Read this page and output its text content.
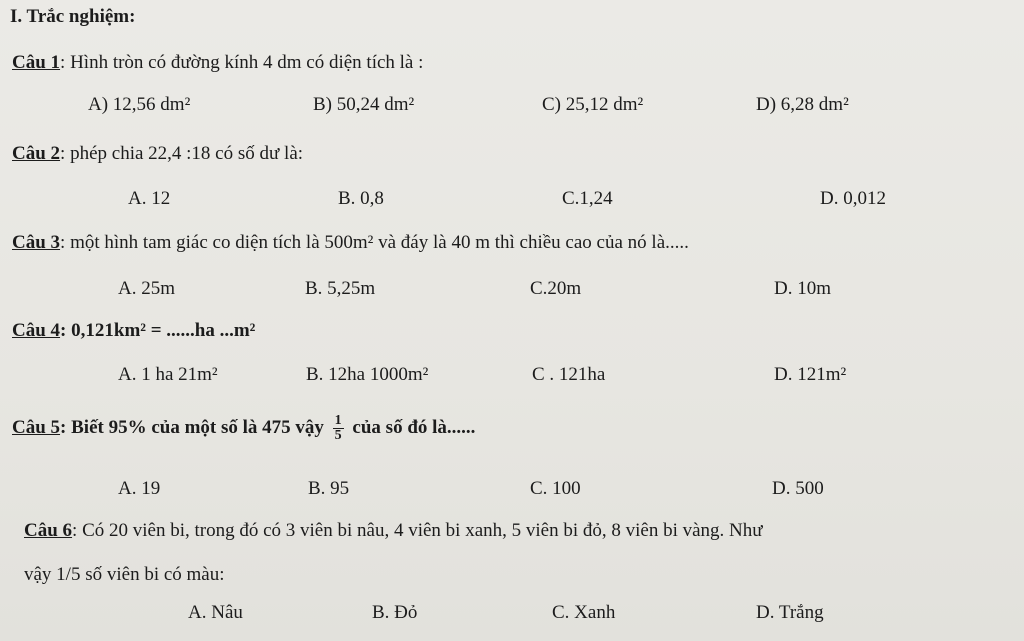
I. Trắc nghiệm:
Câu 1: Hình tròn có đường kính 4 dm có diện tích là :
A) 12,56 dm²	B) 50,24 dm²	C) 25,12 dm²	D) 6,28 dm²
Câu 2: phép chia 22,4 :18 có số dư là:
A. 12	B. 0,8	C.1,24	D. 0,012
Câu 3: một hình tam giác co diện tích là 500m² và đáy là 40 m thì chiều cao của nó là.....
A. 25m	B. 5,25m	C.20m	D. 10m
Câu 4: 0,121km² = ......ha ...m²
A. 1 ha 21m²	B. 12ha 1000m²	C . 121ha	D. 121m²
Câu 5: Biết 95% của một số là 475 vậy $\frac{1}{5}$ của số đó là......
A. 19	B. 95	C. 100	D. 500
Câu 6: Có 20 viên bi, trong đó có 3 viên bi nâu, 4 viên bi xanh, 5 viên bi đỏ, 8 viên bi vàng. Như
vậy 1/5 số viên bi có màu:
A. Nâu	B. Đỏ	C. Xanh	D. Trắng
